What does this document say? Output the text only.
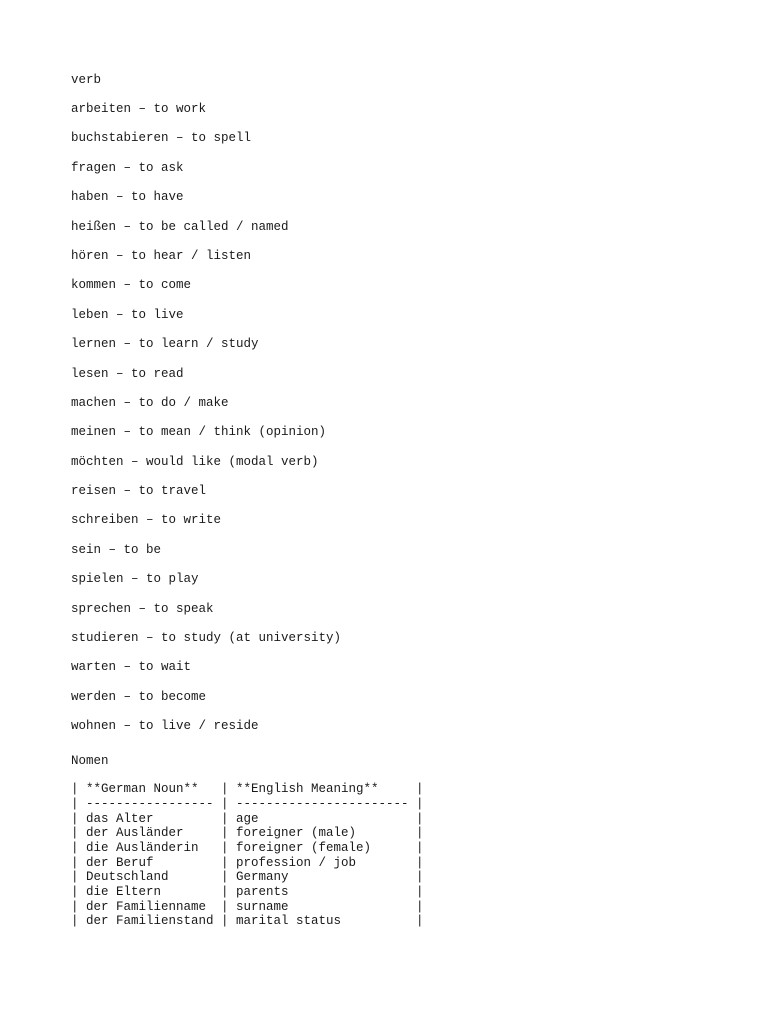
verb
arbeiten – to work
buchstabieren – to spell
fragen – to ask
haben – to have
heißen – to be called / named
hören – to hear / listen
kommen – to come
leben – to live
lernen – to learn / study
lesen – to read
machen – to do / make
meinen – to mean / think (opinion)
möchten – would like (modal verb)
reisen – to travel
schreiben – to write
sein – to be
spielen – to play
sprechen – to speak
studieren – to study (at university)
warten – to wait
werden – to become
wohnen – to live / reside
Nomen
| **German Noun**   | **English Meaning**     |
| ----------------- | ----------------------- |
| das Alter         | age                     |
| der Ausländer     | foreigner (male)        |
| die Ausländerin   | foreigner (female)      |
| der Beruf         | profession / job        |
| Deutschland       | Germany                 |
| die Eltern        | parents                 |
| der Familienname  | surname                 |
| der Familienstand | marital status          |
